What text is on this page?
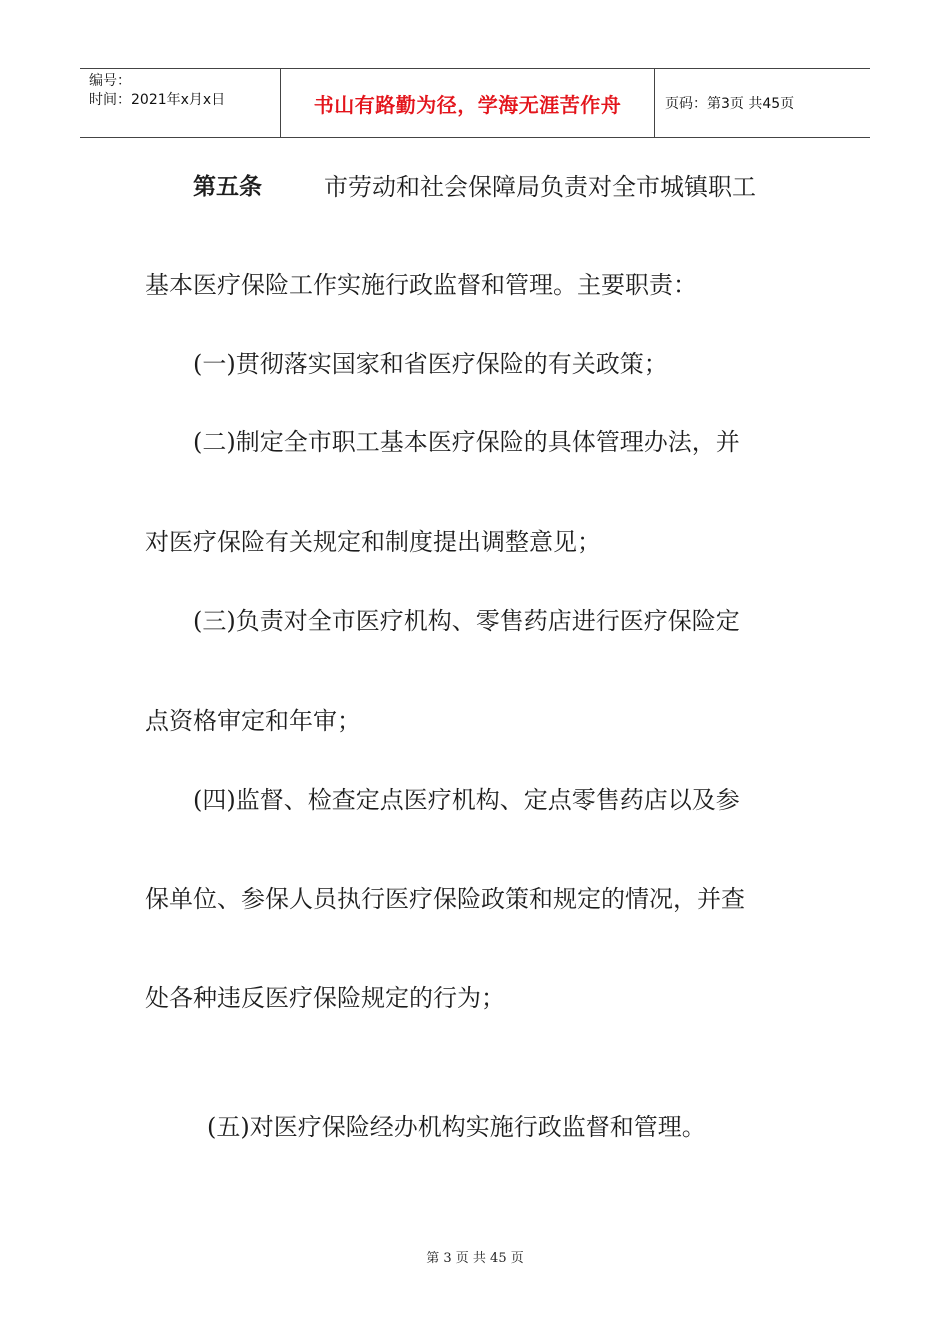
编号：
时间：2021年x月x日	书山有路勤为径，学海无涯苦作舟	页码：第3页 共45页
第五条	市劳动和社会保障局负责对全市城镇职工
基本医疗保险工作实施行政监督和管理。主要职责：
(一)贯彻落实国家和省医疗保险的有关政策；
(二)制定全市职工基本医疗保险的具体管理办法，并
对医疗保险有关规定和制度提出调整意见；
(三)负责对全市医疗机构、零售药店进行医疗保险定
点资格审定和年审；
(四)监督、检查定点医疗机构、定点零售药店以及参
保单位、参保人员执行医疗保险政策和规定的情况，并查
处各种违反医疗保险规定的行为；
(五)对医疗保险经办机构实施行政监督和管理。
第 3 页 共 45 页
